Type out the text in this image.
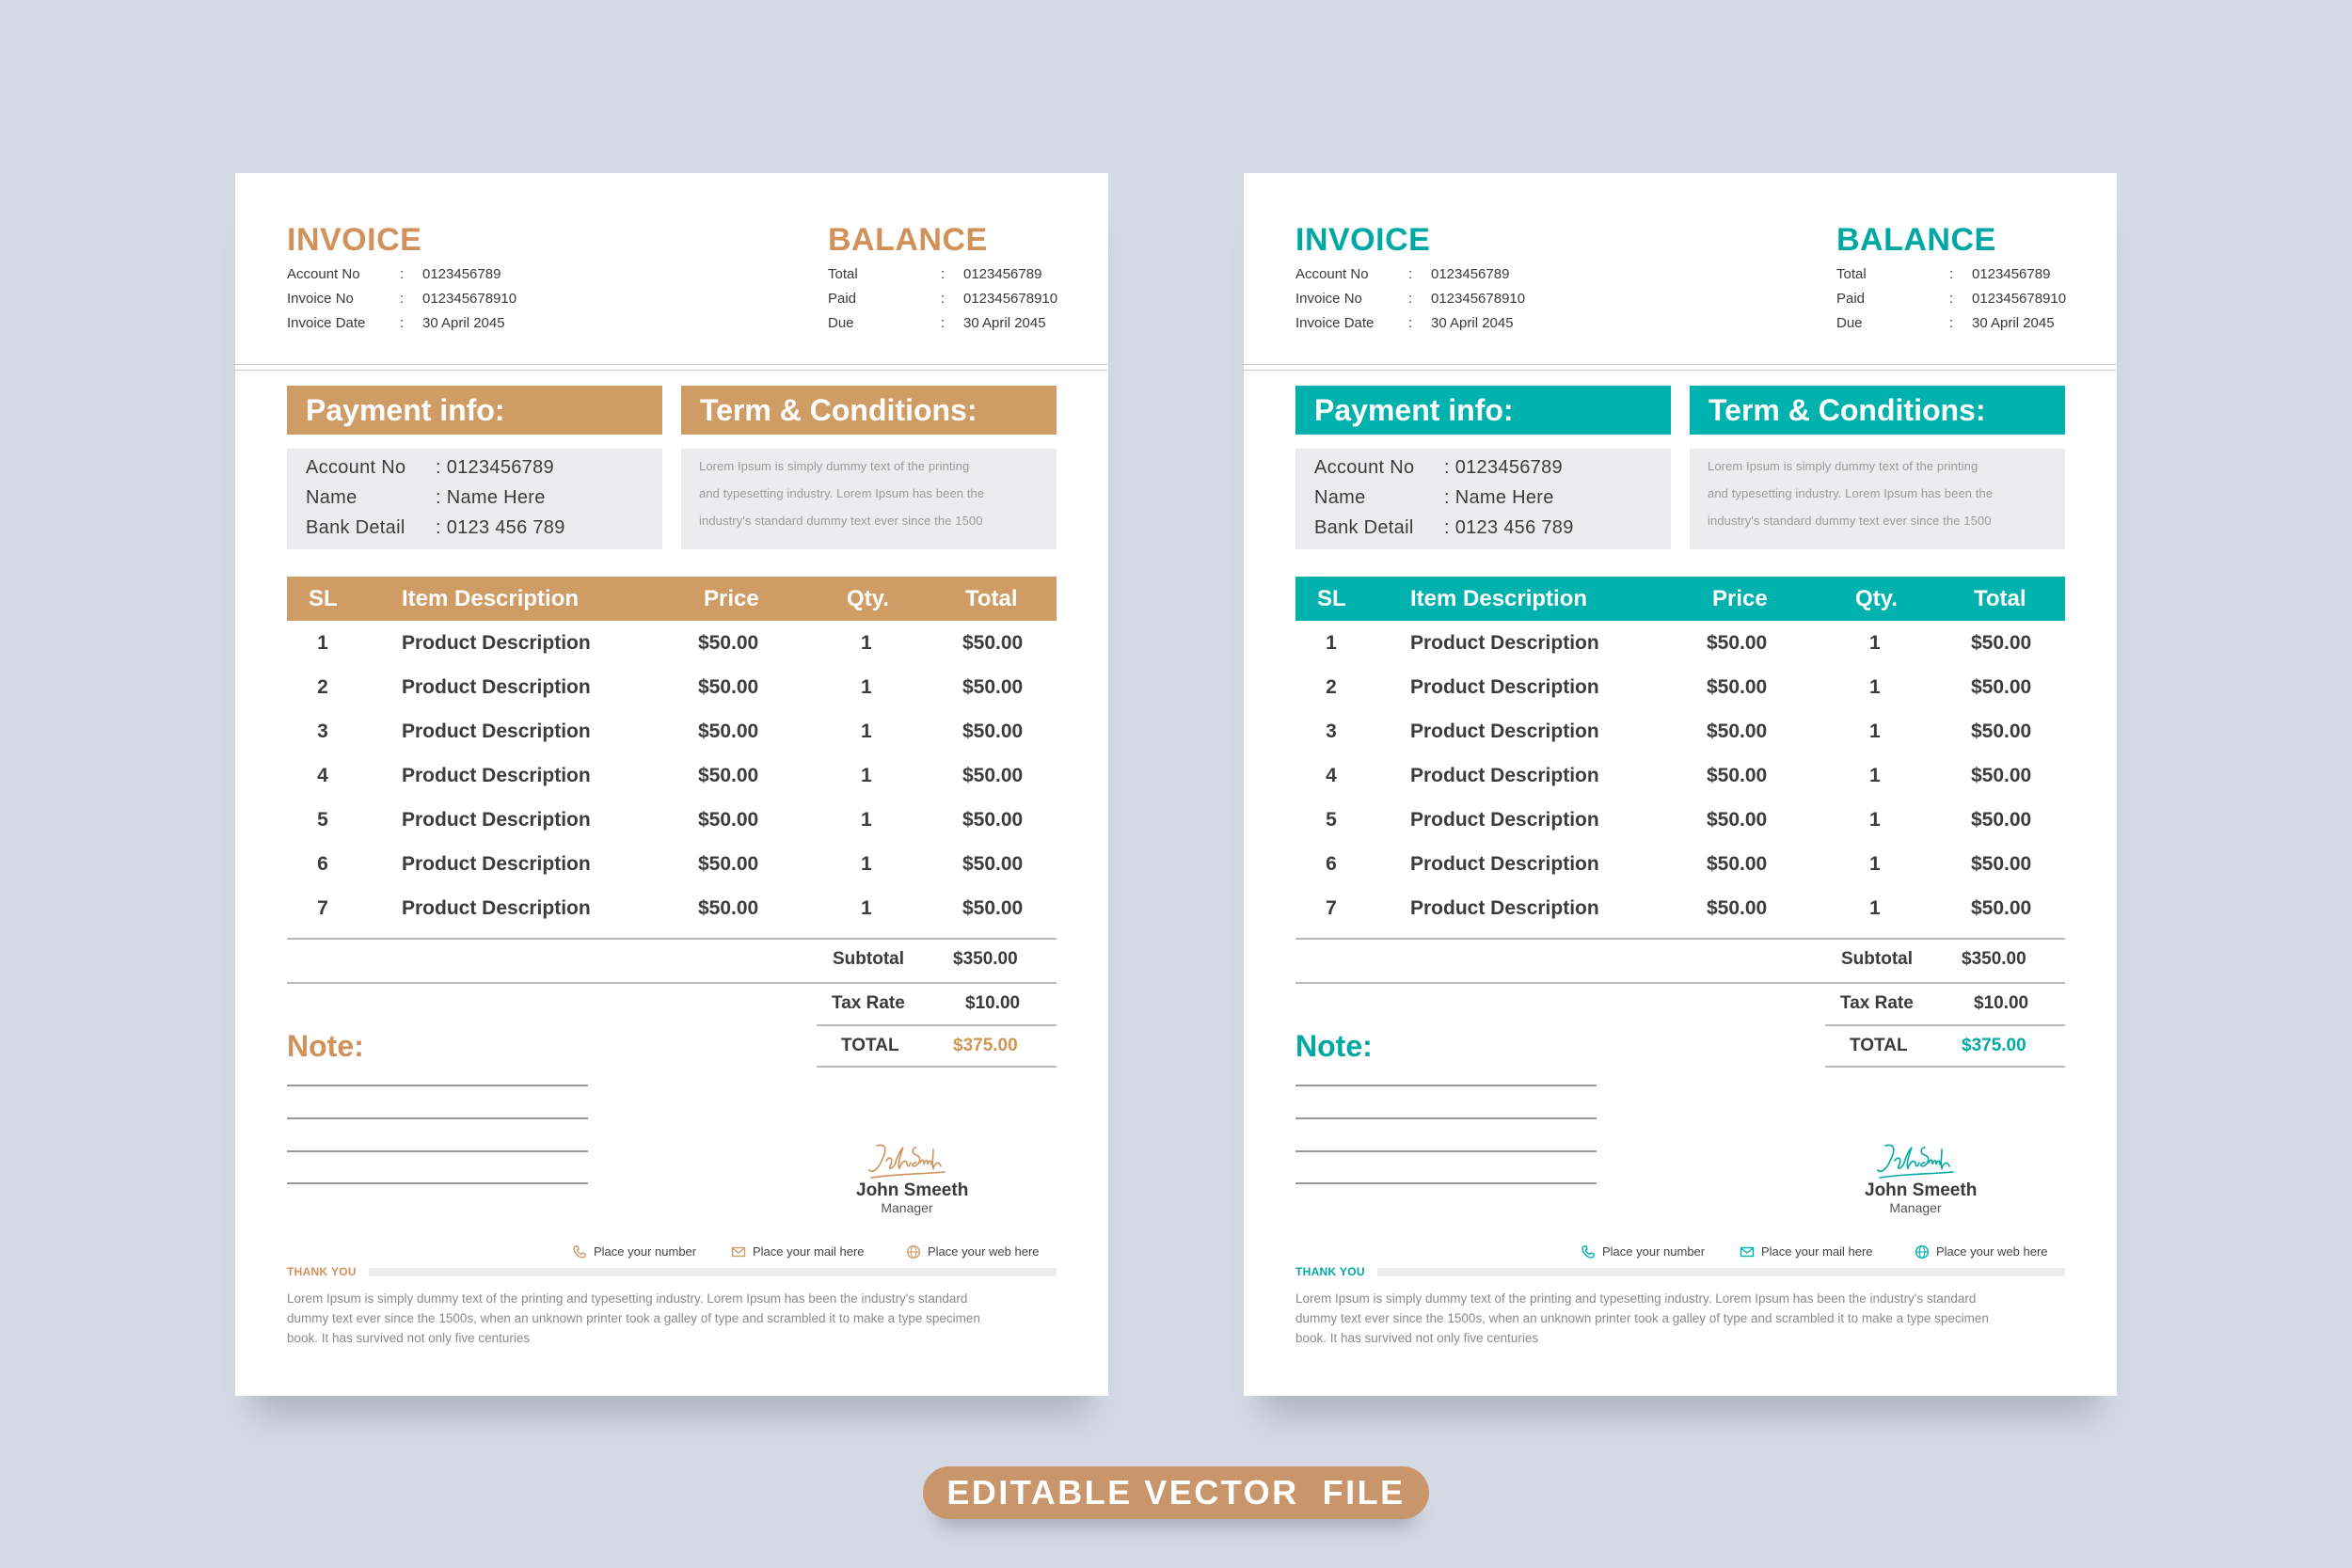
INVOICE	BALANCE
Account No	: 0123456789
Invoice No	: 012345678910
Invoice Date : 30 April 2045
Total	: 0123456789
Paid	: 012345678910
Due	: 30 April 2045
Payment info:	Term & Conditions:
Account No : 0123456789
Name	: Name Here
Bank Detail : 0123 456 789
Lorem Ipsum is simply dummy text of the printing
and typesetting industry. Lorem Ipsum has been the
industry's standard dummy text ever since the 1500
SL	Item Description	Price	Qty.	Total
1	Product Description	$50.00	1	$50.00
2	Product Description	$50.00	1	$50.00
3	Product Description	$50.00	1	$50.00
4	Product Description	$50.00	1	$50.00
5	Product Description	$50.00	1	$50.00
6	Product Description	$50.00	1	$50.00
7	Product Description	$50.00	1	$50.00
Subtotal	$350.00
Tax Rate	$10.00
TOTAL	$375.00
Note:
John Smeeth
Manager
Place your number	Place your mail here	Place your web here
THANK YOU
Lorem Ipsum is simply dummy text of the printing and typesetting industry. Lorem Ipsum has been the industry's standard
dummy text ever since the 1500s, when an unknown printer took a galley of type and scrambled it to make a type specimen
book. It has survived not only five centuries
INVOICE	BALANCE
Account No	: 0123456789
Invoice No	: 012345678910
Invoice Date : 30 April 2045
Total	: 0123456789
Paid	: 012345678910
Due	: 30 April 2045
Payment info:	Term & Conditions:
Account No : 0123456789
Name	: Name Here
Bank Detail : 0123 456 789
Lorem Ipsum is simply dummy text of the printing
and typesetting industry. Lorem Ipsum has been the
industry's standard dummy text ever since the 1500
SL	Item Description	Price	Qty.	Total
1	Product Description	$50.00	1	$50.00
2	Product Description	$50.00	1	$50.00
3	Product Description	$50.00	1	$50.00
4	Product Description	$50.00	1	$50.00
5	Product Description	$50.00	1	$50.00
6	Product Description	$50.00	1	$50.00
7	Product Description	$50.00	1	$50.00
Subtotal	$350.00
Tax Rate	$10.00
TOTAL	$375.00
Note:
John Smeeth
Manager
Place your number	Place your mail here	Place your web here
THANK YOU
Lorem Ipsum is simply dummy text of the printing and typesetting industry. Lorem Ipsum has been the industry's standard
dummy text ever since the 1500s, when an unknown printer took a galley of type and scrambled it to make a type specimen
book. It has survived not only five centuries
EDITABLE VECTOR  FILE
